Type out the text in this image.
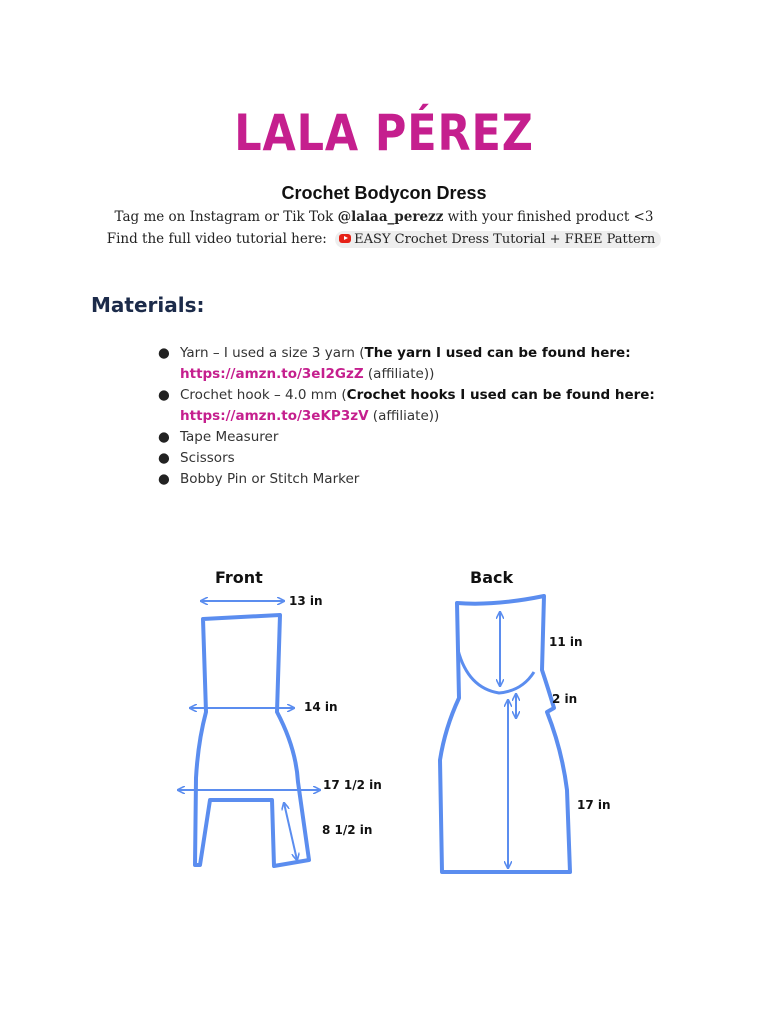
LALA PÉREZ
Crochet Bodycon Dress
Tag me on Instagram or Tik Tok @lalaa_perezz with your finished product <3
Find the full video tutorial here: EASY Crochet Dress Tutorial + FREE Pattern
Materials:
● Yarn – I used a size 3 yarn (The yarn I used can be found here:
https://amzn.to/3eI2GzZ (affiliate))
● Crochet hook – 4.0 mm (Crochet hooks I used can be found here:
https://amzn.to/3eKP3zV (affiliate))
● Tape Measurer
● Scissors
● Bobby Pin or Stitch Marker
Front
13 in
14 in
17 1/2 in
8 1/2 in
Back
11 in
2 in
17 in
